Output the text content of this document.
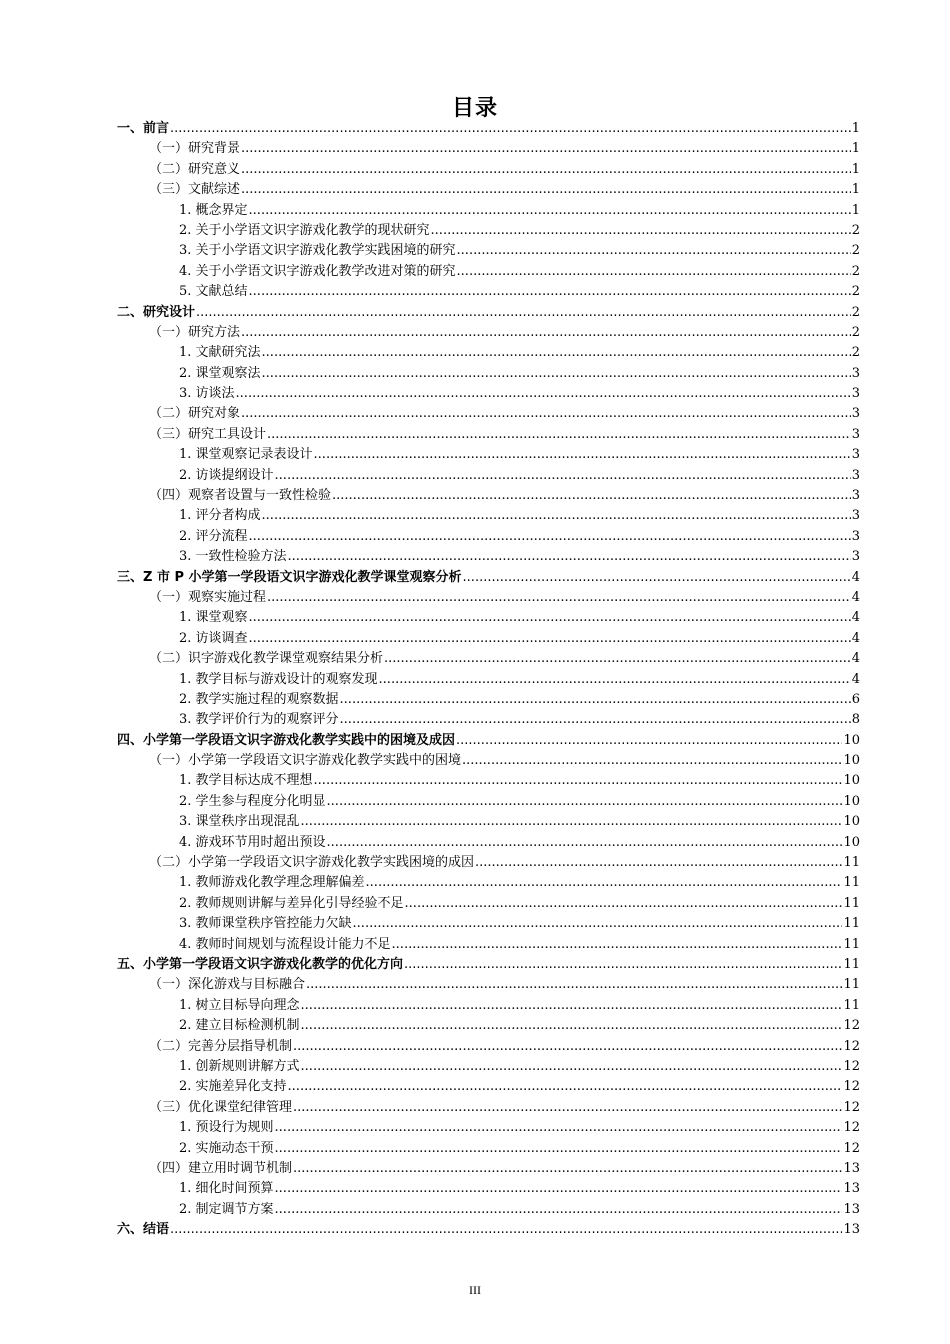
目录
一、前言 .....	1
（一）研究背景 .....	1
（二）研究意义 .....	1
（三）文献综述 .....	1
1. 概念界定 .....	1
2. 关于小学语文识字游戏化教学的现状研究 .....	2
3. 关于小学语文识字游戏化教学实践困境的研究 .....	2
4. 关于小学语文识字游戏化教学改进对策的研究 .....	2
5. 文献总结 .....	2
二、研究设计 .....	2
（一）研究方法 .....	2
1. 文献研究法 .....	2
2. 课堂观察法 .....	3
3. 访谈法 .....	3
（二）研究对象 .....	3
（三）研究工具设计 .....	3
1. 课堂观察记录表设计 .....	3
2. 访谈提纲设计 .....	3
（四）观察者设置与一致性检验 .....	3
1. 评分者构成 .....	3
2. 评分流程 .....	3
3. 一致性检验方法 .....	3
三、Z 市 P 小学第一学段语文识字游戏化教学课堂观察分析 .....	4
（一）观察实施过程 .....	4
1. 课堂观察 .....	4
2. 访谈调查 .....	4
（二）识字游戏化教学课堂观察结果分析 .....	4
1. 教学目标与游戏设计的观察发现 .....	4
2. 教学实施过程的观察数据 .....	6
3. 教学评价行为的观察评分 .....	8
四、小学第一学段语文识字游戏化教学实践中的困境及成因 .....	10
（一）小学第一学段语文识字游戏化教学实践中的困境 .....	10
1. 教学目标达成不理想 .....	10
2. 学生参与程度分化明显 .....	10
3. 课堂秩序出现混乱 .....	10
4. 游戏环节用时超出预设 .....	10
（二）小学第一学段语文识字游戏化教学实践困境的成因 .....	11
1. 教师游戏化教学理念理解偏差 .....	11
2. 教师规则讲解与差异化引导经验不足 .....	11
3. 教师课堂秩序管控能力欠缺 .....	11
4. 教师时间规划与流程设计能力不足 .....	11
五、小学第一学段语文识字游戏化教学的优化方向 .....	11
（一）深化游戏与目标融合 .....	11
1. 树立目标导向理念 .....	11
2. 建立目标检测机制 .....	12
（二）完善分层指导机制 .....	12
1. 创新规则讲解方式 .....	12
2. 实施差异化支持 .....	12
（三）优化课堂纪律管理 .....	12
1. 预设行为规则 .....	12
2. 实施动态干预 .....	12
（四）建立用时调节机制 .....	13
1. 细化时间预算 .....	13
2. 制定调节方案 .....	13
六、结语 .....	13
III
